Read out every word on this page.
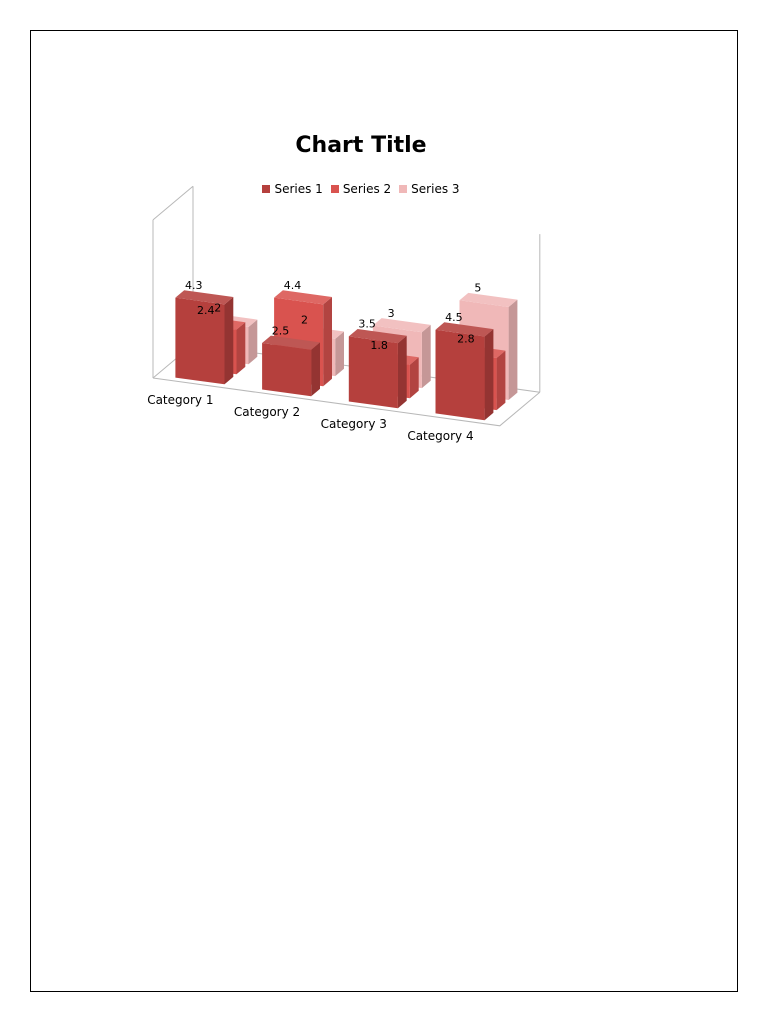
Chart Title
Series 1 Series 2 Series 3
Category 1
Category 2
Category 3
Category 4
2
2
3
5
2.4
4.4
1.8
2.8
4.3
2.5
3.5
4.5
